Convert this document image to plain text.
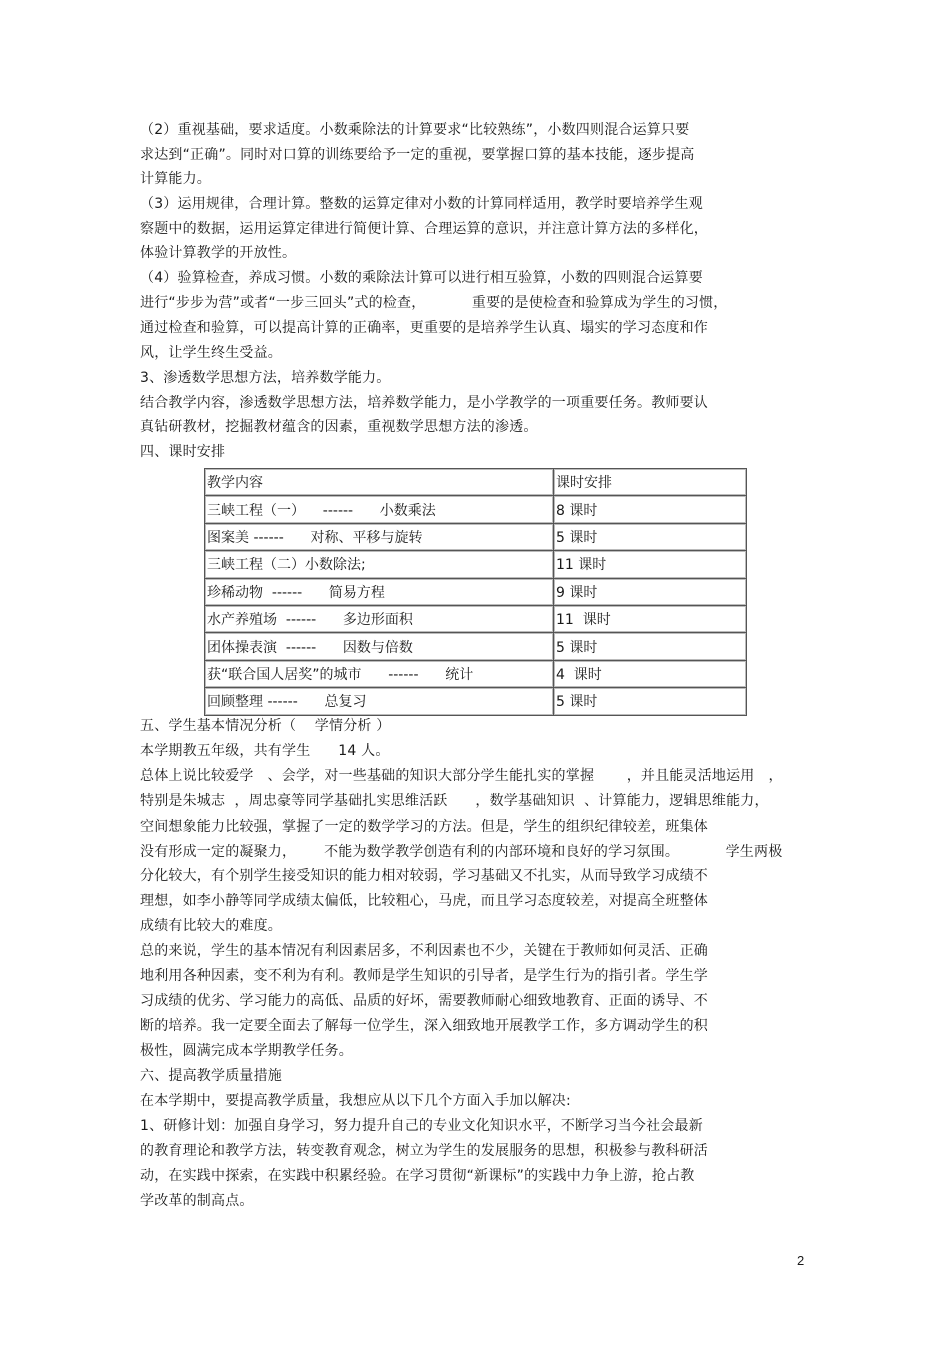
（2）重视基础，要求适度。小数乘除法的计算要求“比较熟练”，小数四则混合运算只要
求达到“正确”。同时对口算的训练要给予一定的重视，要掌握口算的基本技能，逐步提高
计算能力。
（3）运用规律，合理计算。整数的运算定律对小数的计算同样适用，教学时要培养学生观
察题中的数据，运用运算定律进行简便计算、合理运算的意识，并注意计算方法的多样化，
体验计算教学的开放性。
（4）验算检查，养成习惯。小数的乘除法计算可以进行相互验算，小数的四则混合运算要
进行“步步为营”或者“一步三回头”式的检查，          重要的是使检查和验算成为学生的习惯，
通过检查和验算，可以提高计算的正确率，更重要的是培养学生认真、塌实的学习态度和作
风，让学生终生受益。
3、渗透数学思想方法，培养数学能力。
结合教学内容，渗透数学思想方法，培养数学能力，是小学教学的一项重要任务。教师要认
真钻研教材，挖掘教材蕴含的因素，重视数学思想方法的渗透。
四、课时安排
教学内容	课时安排
三峡工程（一）    ------      小数乘法	8 课时
图案美 ------      对称、平移与旋转	5 课时
三峡工程（二）小数除法;	11 课时
珍稀动物  ------      简易方程	9 课时
水产养殖场  ------      多边形面积	11  课时
团体操表演  ------      因数与倍数	5 课时
获“联合国人居奖”的城市      ------      统计	4  课时
回顾整理 ------      总复习	5 课时
五、学生基本情况分析（    学情分析 ）
本学期教五年级，共有学生      14 人。
总体上说比较爱学   、会学，对一些基础的知识大部分学生能扎实的掌握       ，并且能灵活地运用   ，
特别是朱城志  ，周忠豪等同学基础扎实思维活跃      ，数学基础知识  、计算能力，逻辑思维能力，
空间想象能力比较强，掌握了一定的数学学习的方法。但是，学生的组织纪律较差，班集体
没有形成一定的凝聚力，      不能为数学教学创造有利的内部环境和良好的学习氛围。          学生两极
分化较大，有个别学生接受知识的能力相对较弱，学习基础又不扎实，从而导致学习成绩不
理想，如李小静等同学成绩太偏低，比较粗心，马虎，而且学习态度较差，对提高全班整体
成绩有比较大的难度。
总的来说，学生的基本情况有利因素居多，不利因素也不少，关键在于教师如何灵活、正确
地利用各种因素，变不利为有利。教师是学生知识的引导者，是学生行为的指引者。学生学
习成绩的优劣、学习能力的高低、品质的好坏，需要教师耐心细致地教育、正面的诱导、不
断的培养。我一定要全面去了解每一位学生，深入细致地开展教学工作，多方调动学生的积
极性，圆满完成本学期教学任务。
六、提高教学质量措施
在本学期中，要提高教学质量，我想应从以下几个方面入手加以解决:
1、研修计划：加强自身学习，努力提升自己的专业文化知识水平，不断学习当今社会最新
的教育理论和教学方法，转变教育观念，树立为学生的发展服务的思想，积极参与教科研活
动，在实践中探索，在实践中积累经验。在学习贯彻“新课标”的实践中力争上游，抢占教
学改革的制高点。
2
